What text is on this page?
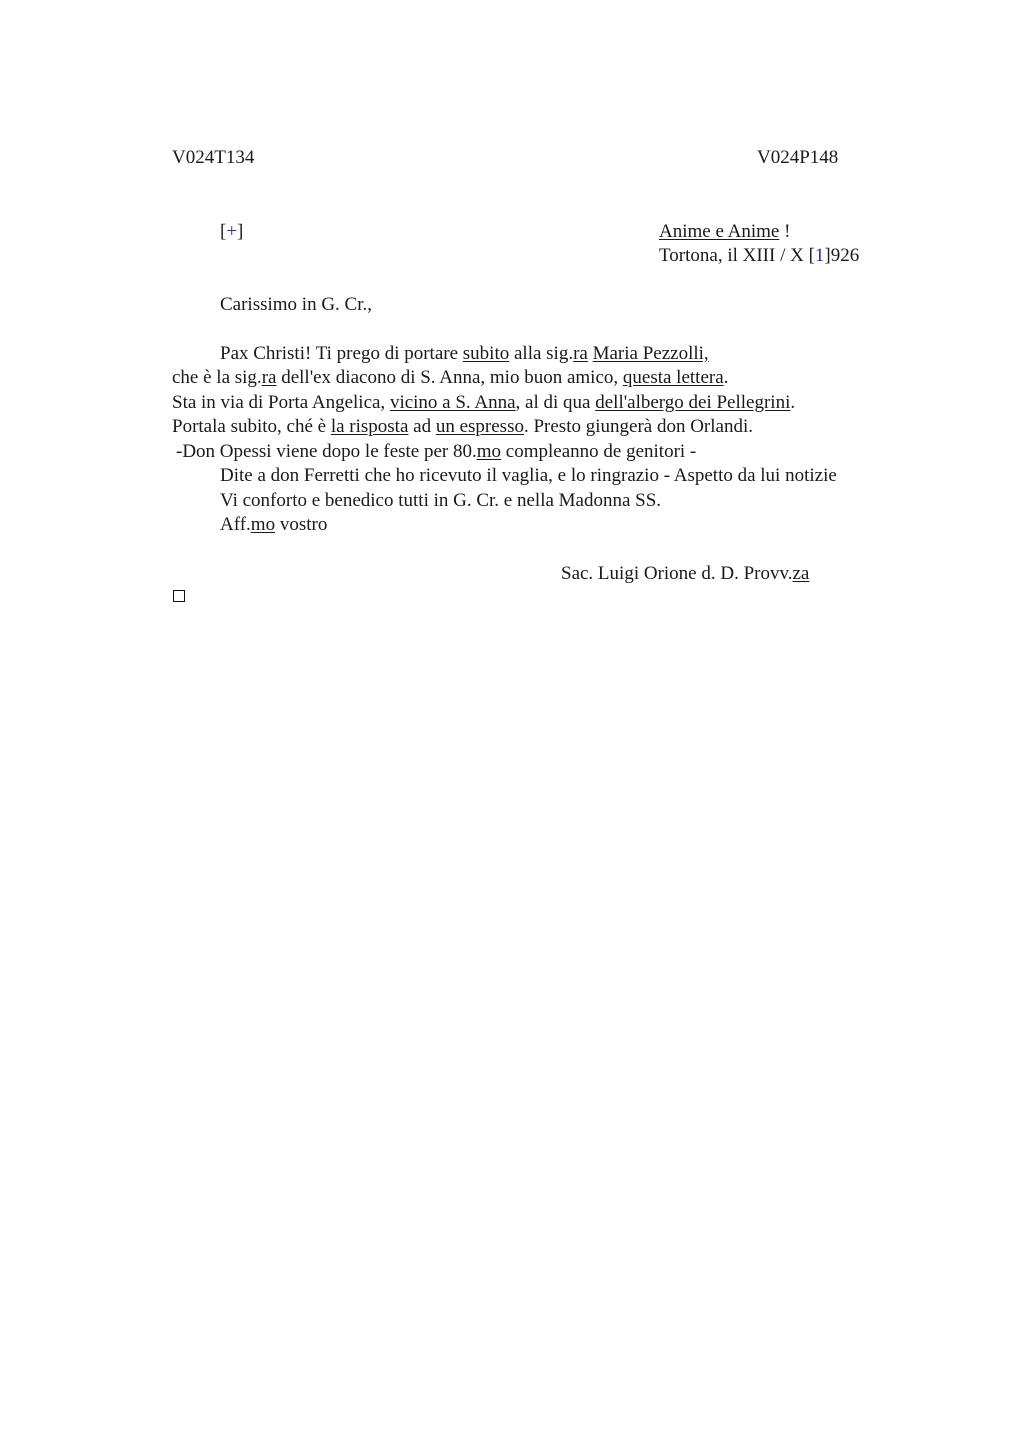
V024T134	V024P148
[+]	Anime e Anime !
Tortona, il XIII / X [1]926
Carissimo in G. Cr.,
Pax Christi! Ti prego di portare subito alla sig.ra Maria Pezzolli,
che è la sig.ra dell'ex diacono di S. Anna, mio buon amico, questa lettera.
Sta in via di Porta Angelica, vicino a S. Anna, al di qua dell'albergo dei Pellegrini.
Portala subito, ché è la risposta ad un espresso. Presto giungerà don Orlandi.
-Don Opessi viene dopo le feste per 80.mo compleanno de genitori -
Dite a don Ferretti che ho ricevuto il vaglia, e lo ringrazio - Aspetto da lui notizie
Vi conforto e benedico tutti in G. Cr. e nella Madonna SS.
Aff.mo vostro
Sac. Luigi Orione d. D. Provv.za
